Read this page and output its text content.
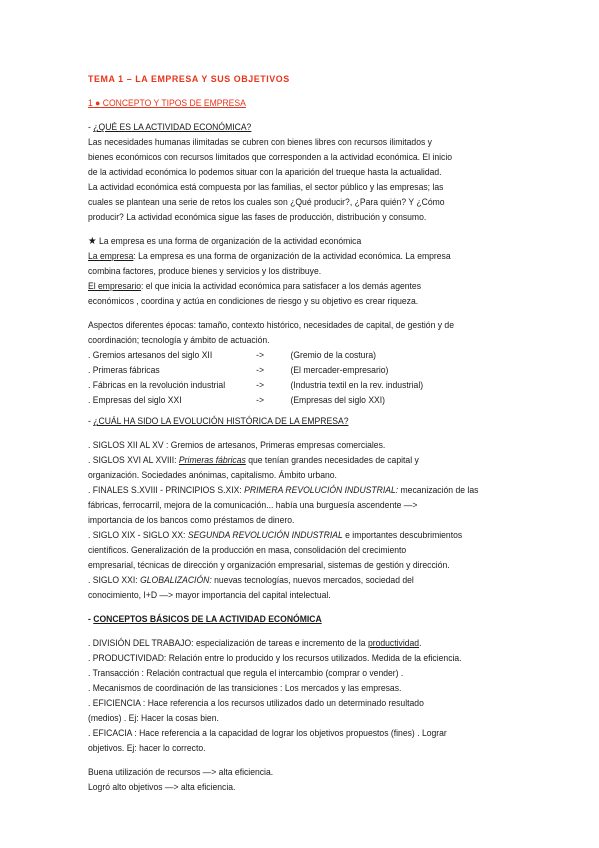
TEMA 1 – LA EMPRESA Y SUS OBJETIVOS

1 ● CONCEPTO Y TIPOS DE EMPRESA

- ¿QUÉ ES LA ACTIVIDAD ECONÓMICA?

Las necesidades humanas ilimitadas se cubren con bienes libres con recursos ilimitados y

bienes económicos con recursos limitados que corresponden a la actividad económica. El inicio

de la actividad económica lo podemos situar con la aparición del trueque hasta la actualidad.

La actividad económica está compuesta por las familias, el sector público y las empresas; las

cuales se plantean una serie de retos los cuales son ¿Qué producir?, ¿Para quién? Y ¿Cómo

producir? La actividad económica sigue las fases de producción, distribución y consumo.

★ La empresa es una forma de organización de la actividad económica

La empresa: La empresa es una forma de organización de la actividad económica. La empresa

combina factores, produce bienes y servicios y los distribuye.

El empresario: el que inicia la actividad económica para satisfacer a los demás agentes

económicos , coordina y actúa en condiciones de riesgo y su objetivo es crear riqueza.

Aspectos diferentes épocas: tamaño, contexto histórico, necesidades de capital, de gestión y de

coordinación; tecnología y ámbito de actuación.

. Gremios artesanos del siglo XII	->	(Gremio de la costura)
. Primeras fábricas	->	(El mercader-empresario)
. Fábricas en la revolución industrial	->	(Industria textil en la rev. industrial)
. Empresas del siglo XXI	->	(Empresas del siglo XXI)

- ¿CUÁL HA SIDO LA EVOLUCIÓN HISTÓRICA DE LA EMPRESA?

. SIGLOS XII AL XV : Gremios de artesanos, Primeras empresas comerciales.

. SIGLOS XVI AL XVIII: Primeras fábricas que tenían grandes necesidades de capital y

organización. Sociedades anónimas, capitalismo. Ámbito urbano.

. FINALES S.XVIII - PRINCIPIOS S.XIX: PRIMERA REVOLUCIÓN INDUSTRIAL: mecanización de las

fábricas, ferrocarril, mejora de la comunicación... había una burguesía ascendente —>

importancia de los bancos como préstamos de dinero.

. SIGLO XIX - SIGLO XX: SEGUNDA REVOLUCIÓN INDUSTRIAL e importantes descubrimientos

científicos. Generalización de la producción en masa, consolidación del crecimiento

empresarial, técnicas de dirección y organización empresarial, sistemas de gestión y dirección.

. SIGLO XXI: GLOBALIZACIÓN: nuevas tecnologías, nuevos mercados, sociedad del

conocimiento, I+D —> mayor importancia del capital intelectual.

- CONCEPTOS BÁSICOS DE LA ACTIVIDAD ECONÓMICA

. DIVISIÓN DEL TRABAJO: especialización de tareas e incremento de la productividad.

. PRODUCTIVIDAD: Relación entre lo producido y los recursos utilizados. Medida de la eficiencia.

. Transacción : Relación contractual que regula el intercambio (comprar o vender) .

. Mecanismos de coordinación de las transiciones : Los mercados y las empresas.

. EFICIENCIA : Hace referencia a los recursos utilizados dado un determinado resultado

(medios) . Ej: Hacer la cosas bien.

. EFICACIA : Hace referencia a la capacidad de lograr los objetivos propuestos (fines) . Lograr

objetivos. Ej: hacer lo correcto.

Buena utilización de recursos —> alta eficiencia.

Logró alto objetivos —> alta eficiencia.
